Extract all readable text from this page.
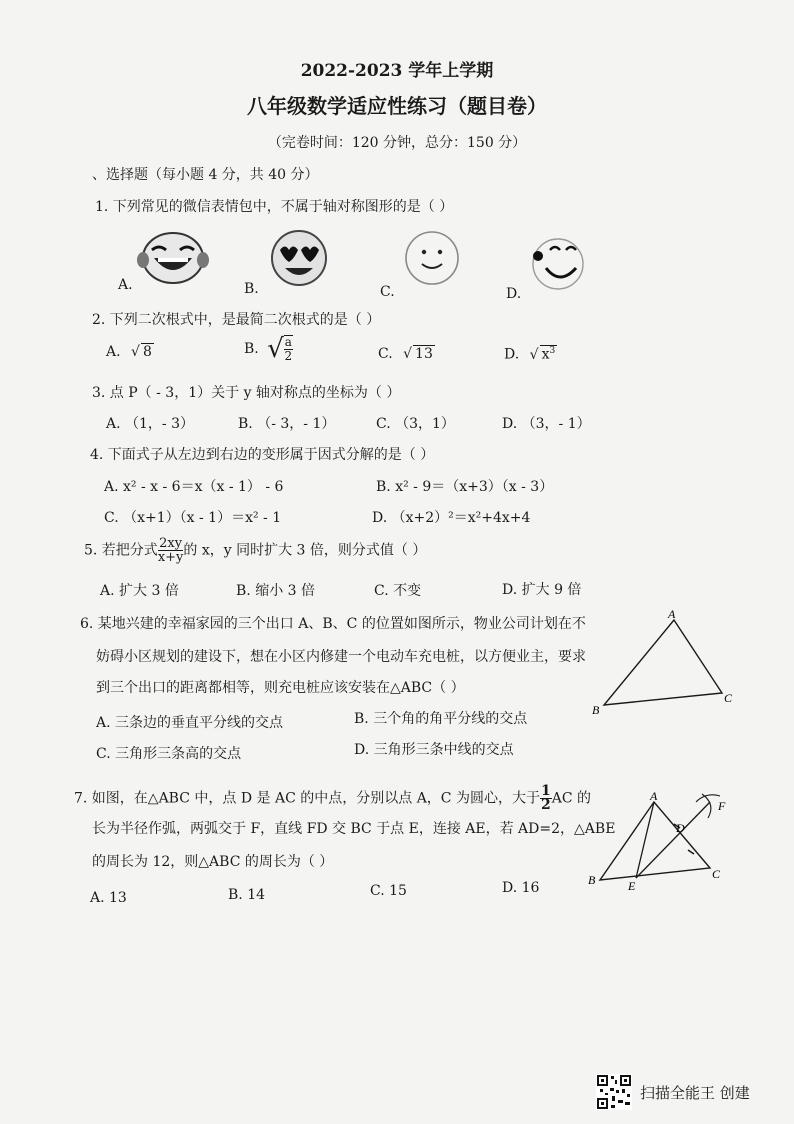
2022-2023 学年上学期
八年级数学适应性练习（题目卷）
（完卷时间：120 分钟，总分：150 分）
、选择题（每小题 4 分，共 40 分）
1. 下列常见的微信表情包中，不属于轴对称图形的是（ ）
A.	B.	C.	D.
2. 下列二次根式中，是最简二次根式的是（ ）
A. √ 8	B. √ $\frac{a}{2}$	C. √ 13	D. √ $x^3$
3. 点 P（ - 3，1）关于 y 轴对称点的坐标为（ ）
A. （1，- 3）	B. （- 3，- 1）	C. （3，1）	D. （3，- 1）
4. 下面式子从左边到右边的变形属于因式分解的是（ ）
A. x² - x - 6＝x（x - 1） - 6	B. x² - 9＝（x+3）（x - 3）
C. （x+1）（x - 1）＝x² - 1	D. （x+2）²＝x²+4x+4
5. 若把分式 $\frac{2xy}{x+y}$ 的 x，y 同时扩大 3 倍，则分式值（ ）
A. 扩大 3 倍	B. 缩小 3 倍	C. 不变	D. 扩大 9 倍
6. 某地兴建的幸福家园的三个出口 A、B、C 的位置如图所示，物业公司计划在不
妨碍小区规划的建设下，想在小区内修建一个电动车充电桩，以方便业主，要求
到三个出口的距离都相等，则充电桩应该安装在△ABC（ ）
A. 三条边的垂直平分线的交点	B. 三个角的角平分线的交点
C. 三角形三条高的交点	D. 三角形三条中线的交点
A
B
C
7. 如图，在△ABC 中，点 D 是 AC 的中点，分别以点 A，C 为圆心，大于 $\frac{1}{2}$ AC 的
长为半径作弧，两弧交于 F，直线 FD 交 BC 于点 E，连接 AE，若 AD=2，△ABE
的周长为 12，则△ABC 的周长为（ ）
A. 13	B. 14	C. 15	D. 16
A
B	C
D
E
F
扫描全能王 创建
